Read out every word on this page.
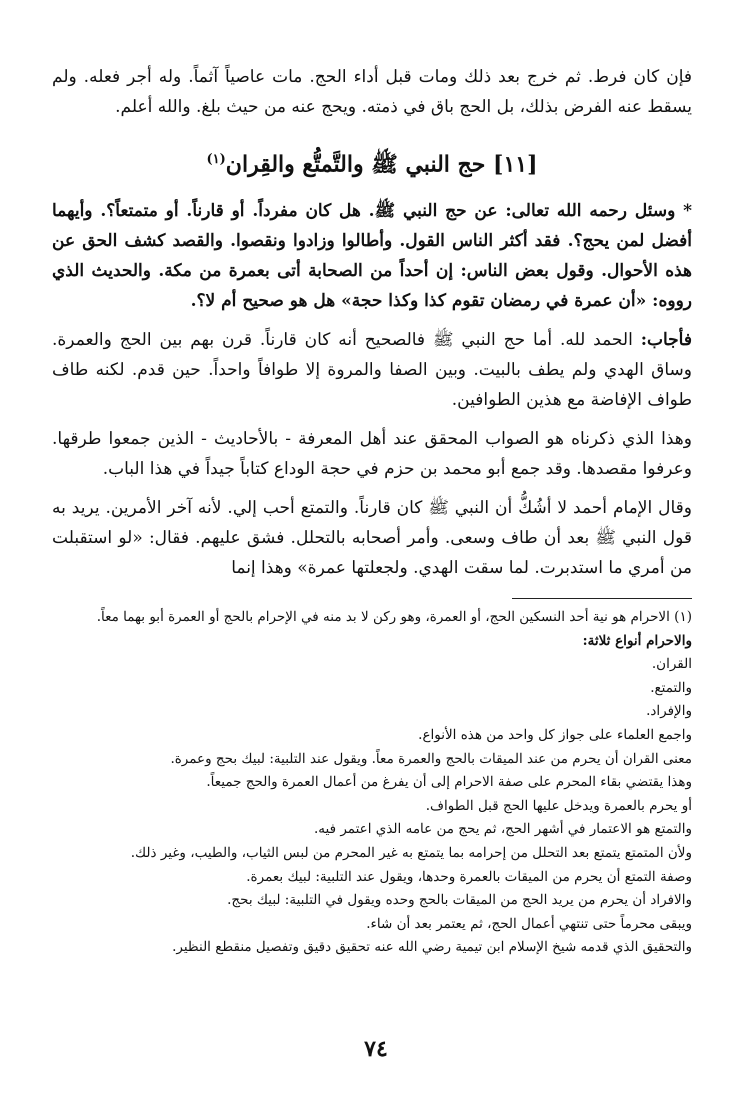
فإن كان فرط. ثم خرج بعد ذلك ومات قبل أداء الحج. مات عاصياً آثماً. وله أجر فعله. ولم يسقط عنه الفرض بذلك، بل الحج باق في ذمته. ويحج عنه من حيث بلغ. والله أعلم.

[١١] حج النبي ﷺ والتَّمتُّع والقِران$^{(١)}$

* وسئل رحمه الله تعالى: عن حج النبي ﷺ. هل كان مفرداً. أو قارناً. أو متمتعاً؟. وأيهما أفضل لمن يحج؟. فقد أكثر الناس القول. وأطالوا وزادوا ونقصوا. والقصد كشف الحق عن هذه الأحوال. وقول بعض الناس: إن أحداً من الصحابة أتى بعمرة من مكة. والحديث الذي رووه: «أن عمرة في رمضان تقوم كذا وكذا حجة» هل هو صحيح أم لا؟.

فأجاب: الحمد لله. أما حج النبي ﷺ فالصحيح أنه كان قارناً. قرن بهم بين الحج والعمرة. وساق الهدي ولم يطف بالبيت. وبين الصفا والمروة إلا طوافاً واحداً. حين قدم. لكنه طاف طواف الإفاضة مع هذين الطوافين.

وهذا الذي ذكرناه هو الصواب المحقق عند أهل المعرفة - بالأحاديث - الذين جمعوا طرقها. وعرفوا مقصدها. وقد جمع أبو محمد بن حزم في حجة الوداع كتاباً جيداً في هذا الباب.

وقال الإمام أحمد لا أشُكُّ أن النبي ﷺ كان قارناً. والتمتع أحب إلي. لأنه آخر الأمرين. يريد به قول النبي ﷺ بعد أن طاف وسعى. وأمر أصحابه بالتحلل. فشق عليهم. فقال: «لو استقبلت من أمري ما استدبرت. لما سقت الهدي. ولجعلتها عمرة» وهذا إنما

(١) الاحرام هو نية أحد النسكين الحج، أو العمرة، وهو ركن لا بد منه في الإحرام بالحج أو العمرة أبو بهما معاً.

والاحرام أنواع ثلاثة:

القران.

والتمتع.

والإفراد.

واجمع العلماء على جواز كل واحد من هذه الأنواع.

معنى القران أن يحرم من عند الميقات بالحج والعمرة معاً. ويقول عند التلبية: لبيك بحج وعمرة.

وهذا يقتضي بقاء المحرم على صفة الاحرام إلى أن يفرغ من أعمال العمرة والحج جميعاً.

أو يحرم بالعمرة ويدخل عليها الحج قبل الطواف.

والتمتع هو الاعتمار في أشهر الحج، ثم يحج من عامه الذي اعتمر فيه.

ولأن المتمتع يتمتع بعد التحلل من إحرامه بما يتمتع به غير المحرم من لبس الثياب، والطيب، وغير ذلك.

وصفة التمتع أن يحرم من الميقات بالعمرة وحدها، ويقول عند التلبية: لبيك بعمرة.

والافراد أن يحرم من يريد الحج من الميقات بالحج وحده ويقول في التلبية: لبيك بحج.

ويبقى محرماً حتى تنتهي أعمال الحج، ثم يعتمر بعد أن شاء.

والتحقيق الذي قدمه شيخ الإسلام ابن تيمية رضي الله عنه تحقيق دقيق وتفصيل منقطع النظير.

٧٤
